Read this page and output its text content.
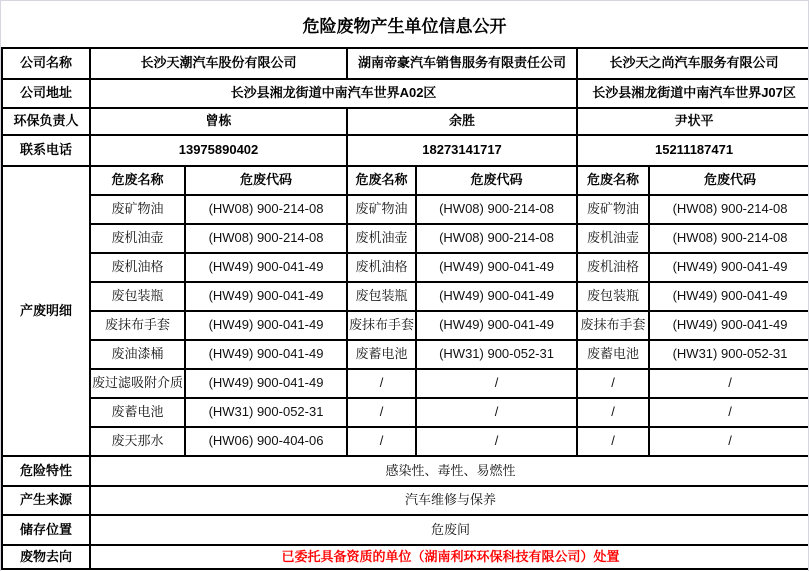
危险废物产生单位信息公开
公司名称	长沙天潮汽车股份有限公司		湖南帝豪汽车销售服务有限责任公司		长沙天之尚汽车服务有限公司	
公司地址	长沙县湘龙街道中南汽车世界A02区				长沙县湘龙街道中南汽车世界J07区	
环保负责人	曾栋		余胜		尹状平	
联系电话	13975890402		18273141717		15211187471	
产废明细	危废名称	危废代码	危废名称	危废代码	危废名称	危废代码
	废矿物油	(HW08) 900-214-08	废矿物油	(HW08) 900-214-08	废矿物油	(HW08) 900-214-08
	废机油壶	(HW08) 900-214-08	废机油壶	(HW08) 900-214-08	废机油壶	(HW08) 900-214-08
	废机油格	(HW49) 900-041-49	废机油格	(HW49) 900-041-49	废机油格	(HW49) 900-041-49
	废包装瓶	(HW49) 900-041-49	废包装瓶	(HW49) 900-041-49	废包装瓶	(HW49) 900-041-49
	废抹布手套	(HW49) 900-041-49	废抹布手套	(HW49) 900-041-49	废抹布手套	(HW49) 900-041-49
	废油漆桶	(HW49) 900-041-49	废蓄电池	(HW31) 900-052-31	废蓄电池	(HW31) 900-052-31
	废过滤吸附介质	(HW49) 900-041-49	/	/	/	/
	废蓄电池	(HW31) 900-052-31	/	/	/	/
	废天那水	(HW06) 900-404-06	/	/	/	/
危险特性	感染性、毒性、易燃性					
产生来源	汽车维修与保养					
储存位置	危废间					
废物去向	已委托具备资质的单位（湖南利环环保科技有限公司）处置					
